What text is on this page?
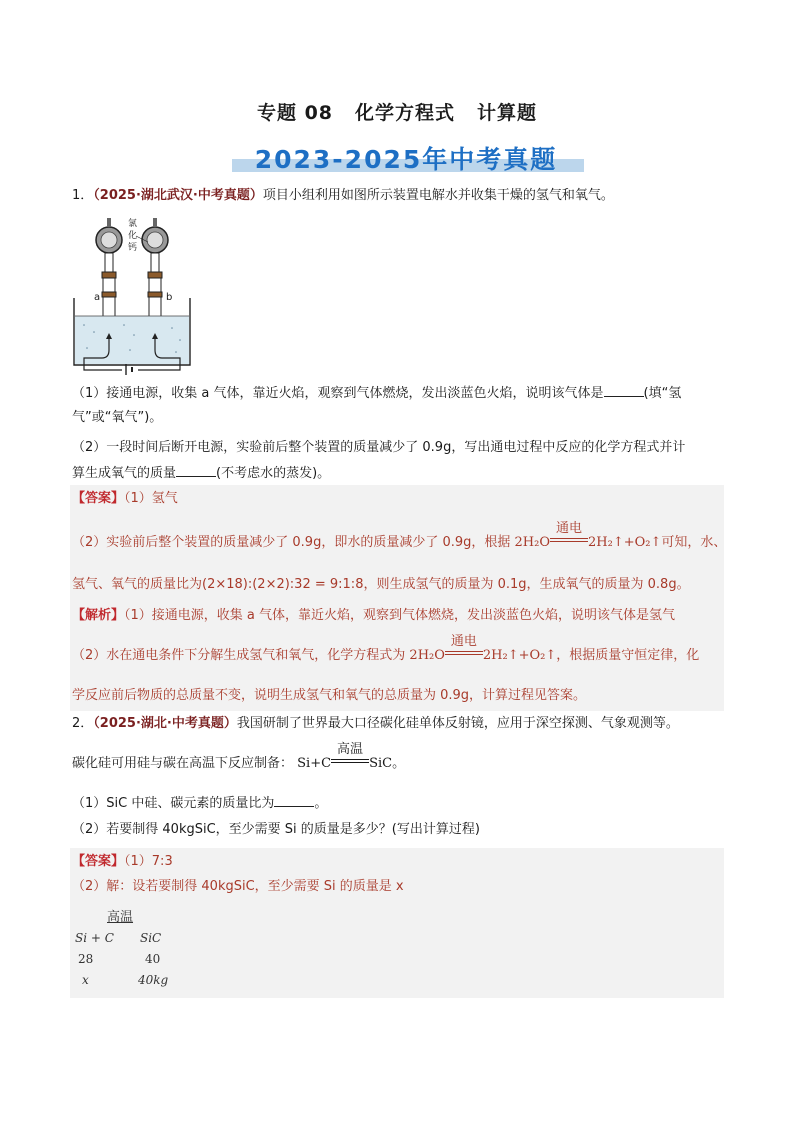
专题 08 化学方程式 计算题
2023-2025年中考真题
1．（2025·湖北武汉·中考真题）项目小组利用如图所示装置电解水并收集干燥的氢气和氧气。
氯
化
钙
a	b
（1）接通电源，收集 a 气体，靠近火焰，观察到气体燃烧，发出淡蓝色火焰，说明该气体是	(填“氢
气”或“氧气”)。
（2）一段时间后断开电源，实验前后整个装置的质量减少了 0.9g，写出通电过程中反应的化学方程式并计
算生成氧气的质量	(不考虑水的蒸发)。
【答案】（1）氢气
（2）实验前后整个装置的质量减少了 0.9g，即水的质量减少了 0.9g，根据 2H₂O
通电
2H₂↑+O₂↑可知，水、
氢气、氧气的质量比为(2×18):(2×2):32 = 9:1:8，则生成氢气的质量为 0.1g，生成氧气的质量为 0.8g。
【解析】（1）接通电源，收集 a 气体，靠近火焰，观察到气体燃烧，发出淡蓝色火焰，说明该气体是氢气
（2）水在通电条件下分解生成氢气和氧气，化学方程式为 2H₂O
通电
2H₂↑+O₂↑，根据质量守恒定律，化
学反应前后物质的总质量不变，说明生成氢气和氧气的总质量为 0.9g，计算过程见答案。
2．（2025·湖北·中考真题）我国研制了世界最大口径碳化硅单体反射镜，应用于深空探测、气象观测等。
碳化硅可用硅与碳在高温下反应制备： Si+C
高温
SiC。
（1）SiC 中硅、碳元素的质量比为	。
（2）若要制得 40kgSiC，至少需要 Si 的质量是多少？(写出计算过程)
【答案】（1）7:3
（2）解：设若要制得 40kgSiC，至少需要 Si 的质量是 x
高温
Si + C SiC
28	40
x	40kg
